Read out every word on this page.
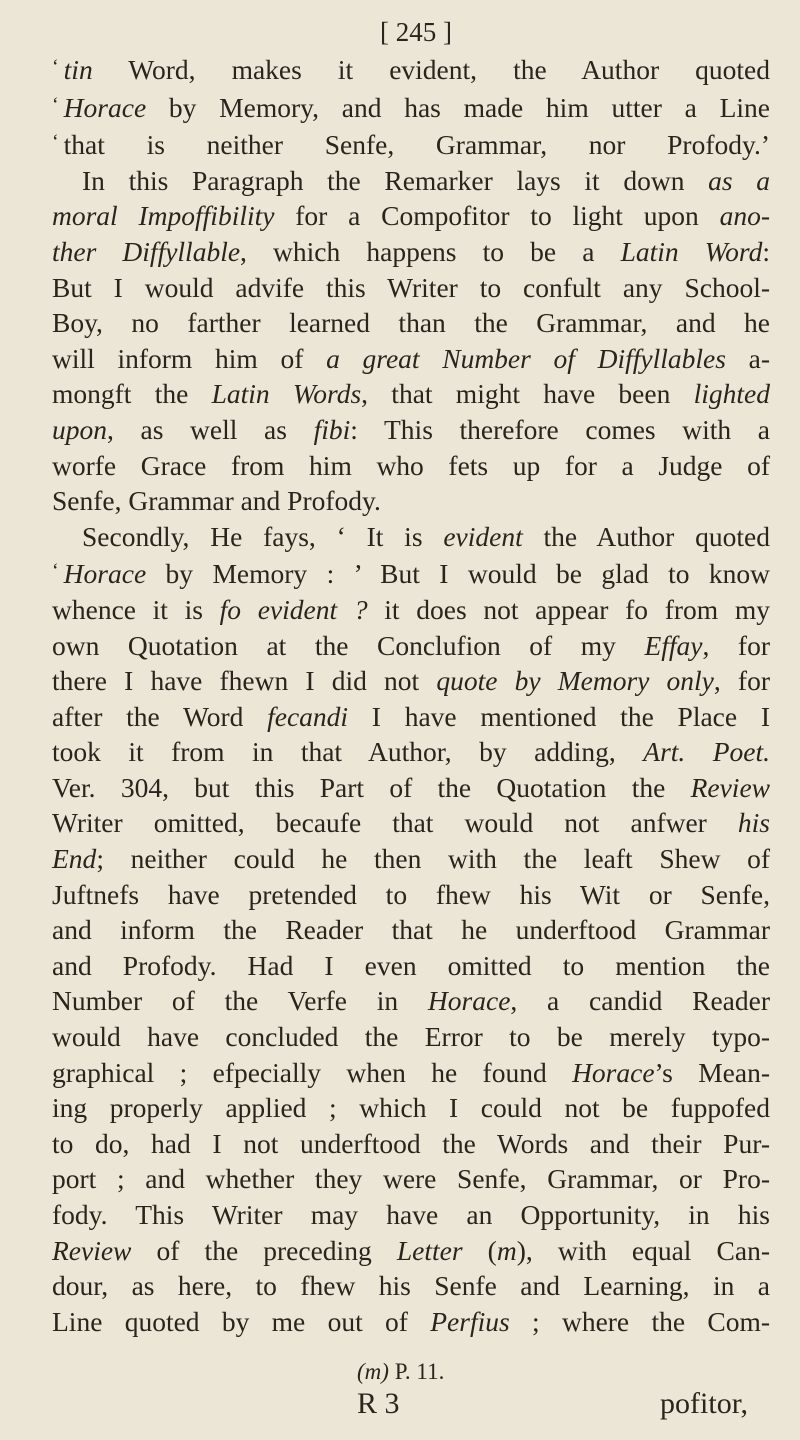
[ 245 ]
‘ tin Word, makes it evident, the Author quoted
‘ Horace by Memory, and has made him utter a Line
‘ that is neither Senfe, Grammar, nor Profody.’
In this Paragraph the Remarker lays it down as a
moral Impoffibility for a Compofitor to light upon ano-
ther Diffyllable, which happens to be a Latin Word:
But I would advife this Writer to confult any School-
Boy, no farther learned than the Grammar, and he
will inform him of a great Number of Diffyllables a-
mongft the Latin Words, that might have been lighted
upon, as well as fibi: This therefore comes with a
worfe Grace from him who fets up for a Judge of
Senfe, Grammar and Profody.
Secondly, He fays, ‘ It is evident the Author quoted
‘ Horace by Memory : ’ But I would be glad to know
whence it is fo evident ? it does not appear fo from my
own Quotation at the Conclufion of my Effay, for
there I have fhewn I did not quote by Memory only, for
after the Word fecandi I have mentioned the Place I
took it from in that Author, by adding, Art. Poet.
Ver. 304, but this Part of the Quotation the Review
Writer omitted, becaufe that would not anfwer his
End; neither could he then with the leaft Shew of
Juftnefs have pretended to fhew his Wit or Senfe,
and inform the Reader that he underftood Grammar
and Profody. Had I even omitted to mention the
Number of the Verfe in Horace, a candid Reader
would have concluded the Error to be merely typo-
graphical ; efpecially when he found Horace’s Mean-
ing properly applied ; which I could not be fuppofed
to do, had I not underftood the Words and their Pur-
port ; and whether they were Senfe, Grammar, or Pro-
fody. This Writer may have an Opportunity, in his
Review of the preceding Letter (m), with equal Can-
dour, as here, to fhew his Senfe and Learning, in a
Line quoted by me out of Perfius ; where the Com-
(m) P. 11.
R 3	pofitor,
